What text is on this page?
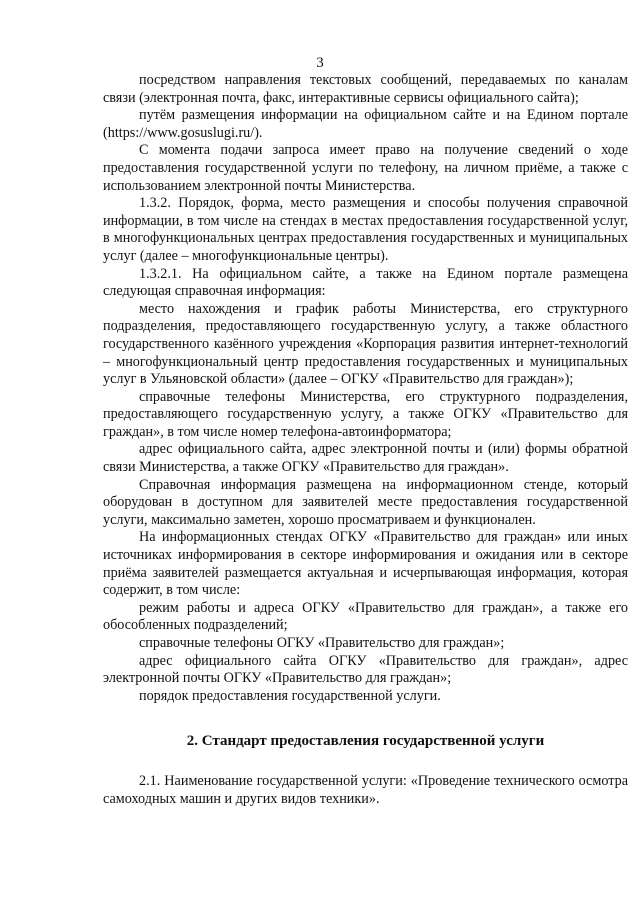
3

посредством направления текстовых сообщений, передаваемых по каналам связи (электронная почта, факс, интерактивные сервисы официального сайта);

путём размещения информации на официальном сайте и на Едином портале (https://www.gosuslugi.ru/).

С момента подачи запроса имеет право на получение сведений о ходе предоставления государственной услуги по телефону, на личном приёме, а также с использованием электронной почты Министерства.

1.3.2. Порядок, форма, место размещения и способы получения справочной информации, в том числе на стендах в местах предоставления государственной услуг, в многофункциональных центрах предоставления государственных и муниципальных услуг (далее – многофункциональные центры).

1.3.2.1. На официальном сайте, а также на Едином портале размещена следующая справочная информация:

место нахождения и график работы Министерства, его структурного подразделения, предоставляющего государственную услугу, а также областного государственного казённого учреждения «Корпорация развития интернет-технологий – многофункциональный центр предоставления государственных и муниципальных услуг в Ульяновской области» (далее – ОГКУ «Правительство для граждан»);

справочные телефоны Министерства, его структурного подразделения, предоставляющего государственную услугу, а также ОГКУ «Правительство для граждан», в том числе номер телефона-автоинформатора;

адрес официального сайта, адрес электронной почты и (или) формы обратной связи Министерства, а также ОГКУ «Правительство для граждан».

Справочная информация размещена на информационном стенде, который оборудован в доступном для заявителей месте предоставления государственной услуги, максимально заметен, хорошо просматриваем и функционален.

На информационных стендах ОГКУ «Правительство для граждан» или иных источниках информирования в секторе информирования и ожидания или в секторе приёма заявителей размещается актуальная и исчерпывающая информация, которая содержит, в том числе:

режим работы и адреса ОГКУ «Правительство для граждан», а также его обособленных подразделений;

справочные телефоны ОГКУ «Правительство для граждан»;

адрес официального сайта ОГКУ «Правительство для граждан», адрес электронной почты ОГКУ «Правительство для граждан»;

порядок предоставления государственной услуги.

2. Стандарт предоставления государственной услуги

2.1. Наименование государственной услуги: «Проведение технического осмотра самоходных машин и других видов техники».
